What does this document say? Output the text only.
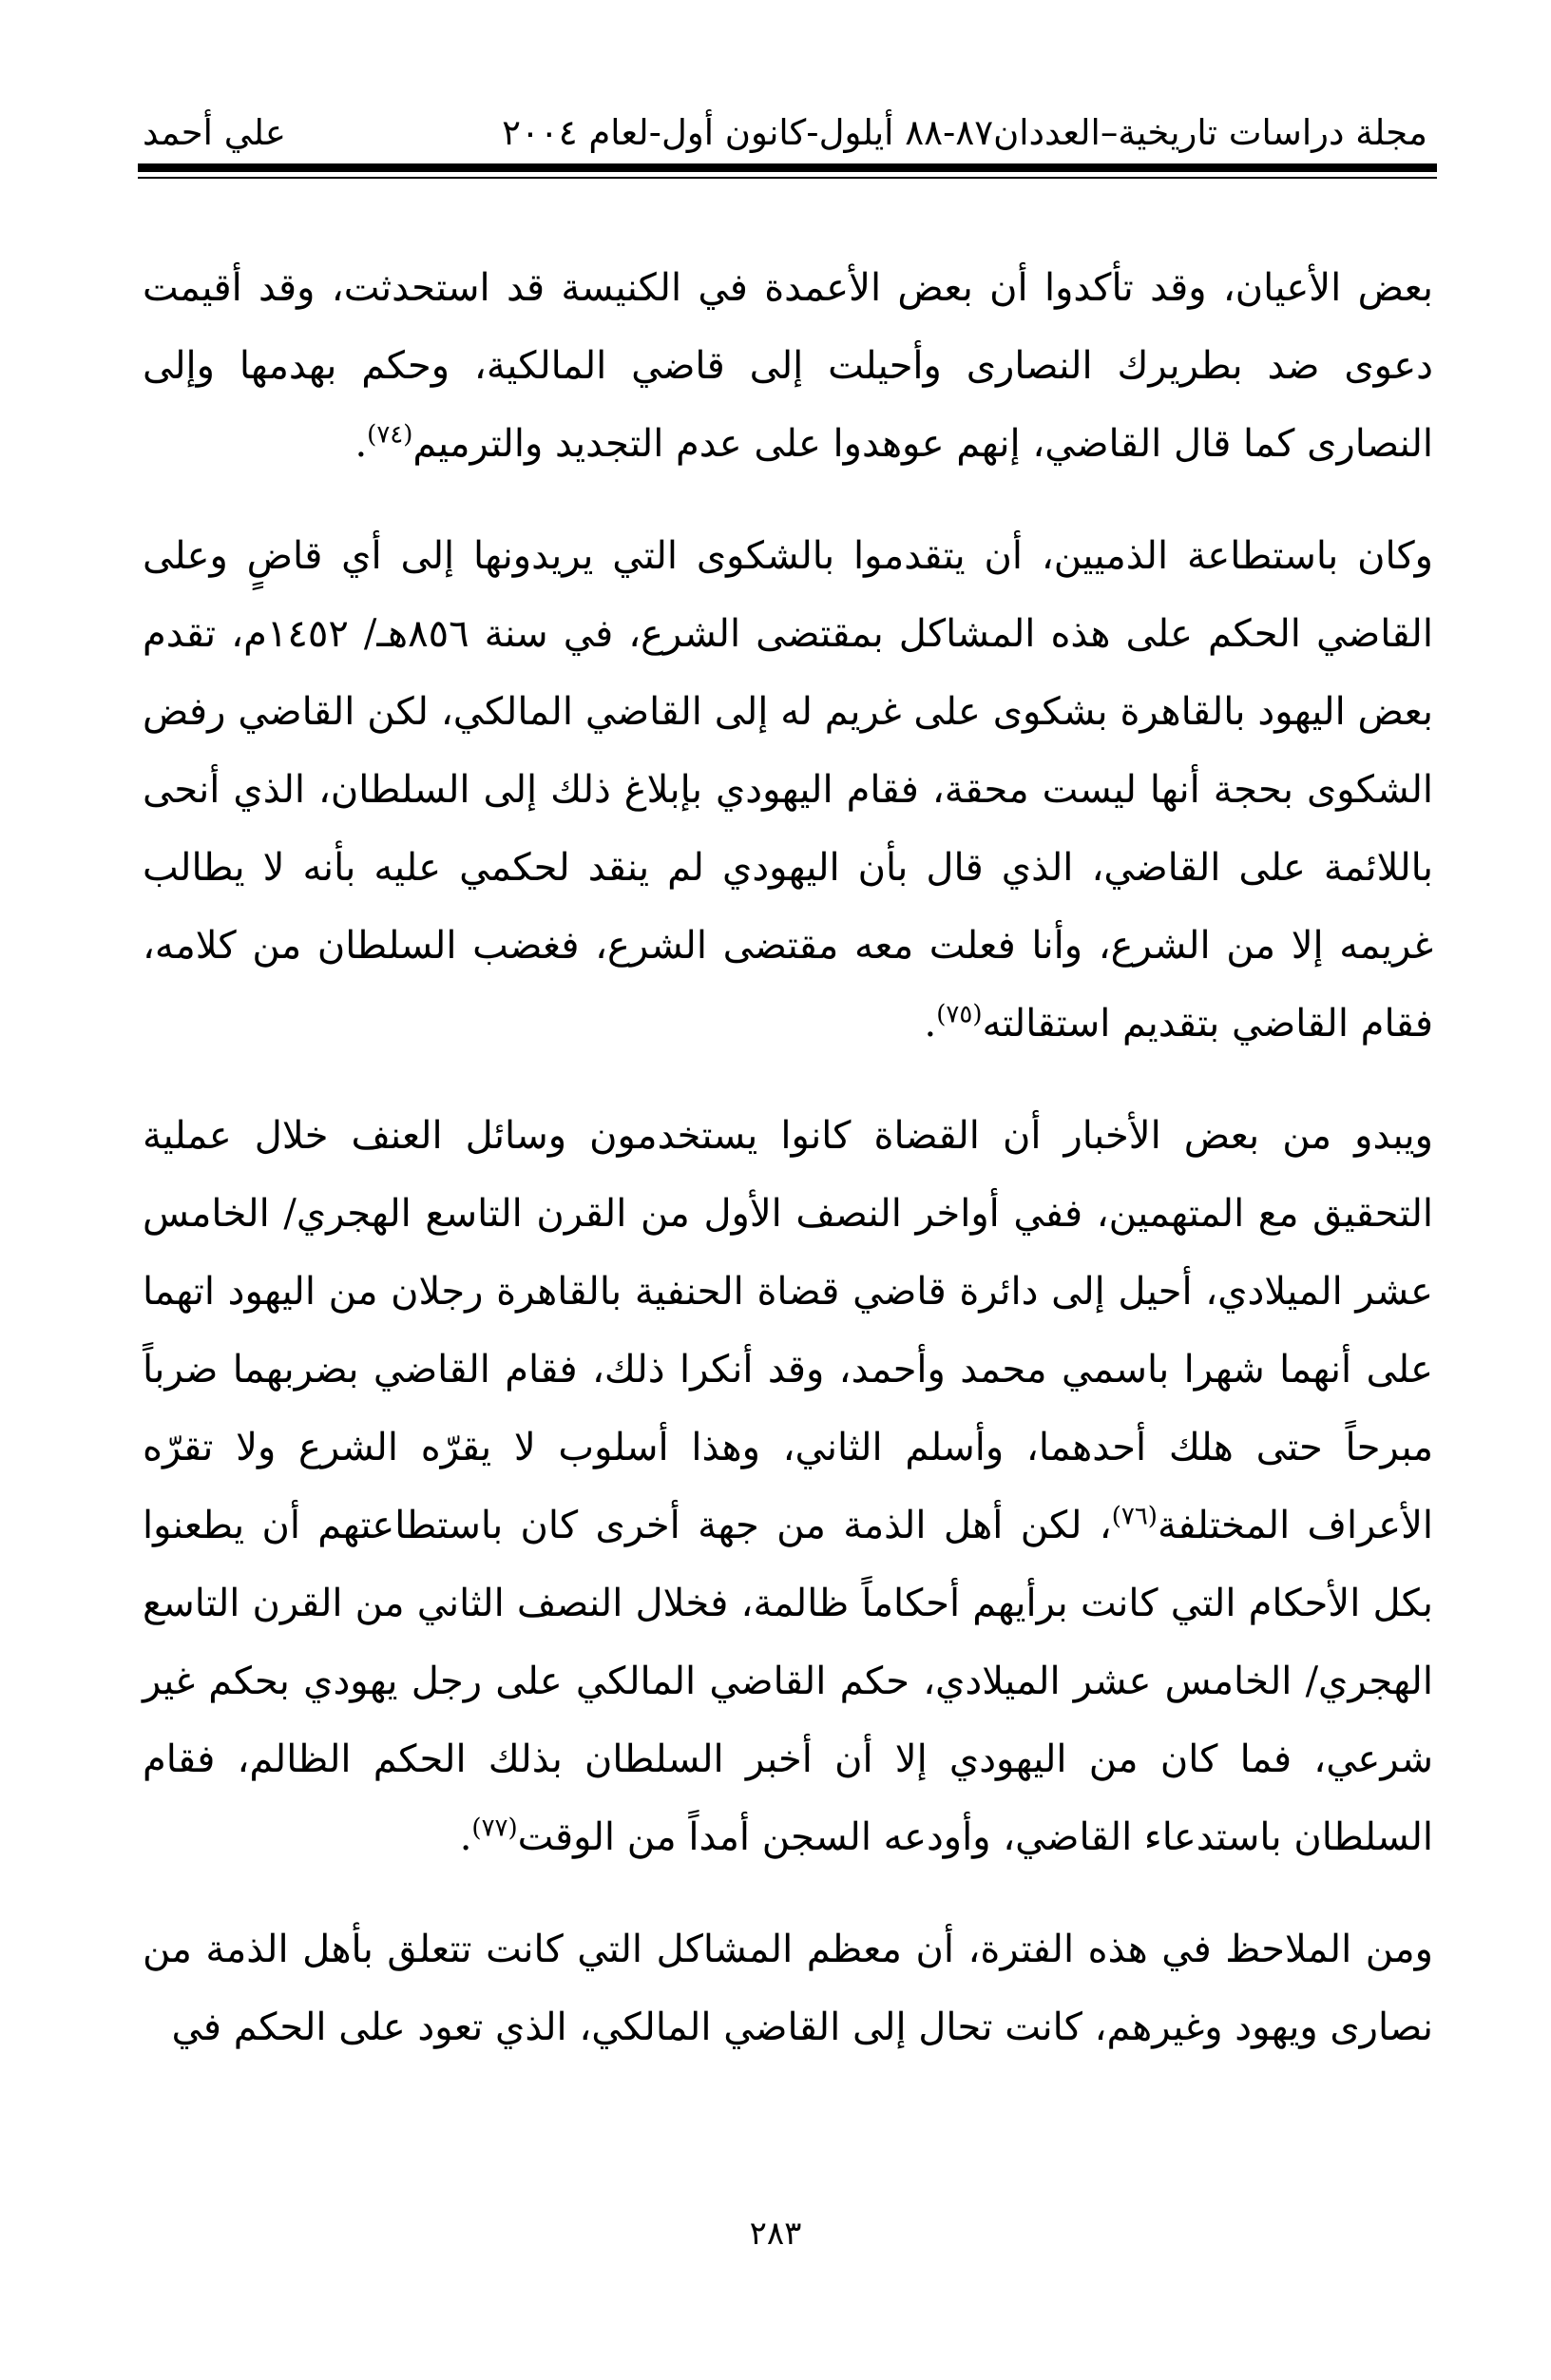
مجلة دراسات تاريخية–العددان٨٧-٨٨ أيلول-كانون أول-لعام ٢٠٠٤
علي أحمد

بعض الأعيان، وقد تأكدوا أن بعض الأعمدة في الكنيسة قد استحدثت، وقد أقيمت دعوى ضد بطريرك النصارى وأحيلت إلى قاضي المالكية، وحكم بهدمها وإلى النصارى كما قال القاضي، إنهم عوهدوا على عدم التجديد والترميم$^{(٧٤)}$.

وكان باستطاعة الذميين، أن يتقدموا بالشكوى التي يريدونها إلى أي قاضٍ وعلى القاضي الحكم على هذه المشاكل بمقتضى الشرع، في سنة ٨٥٦هـ/ ١٤٥٢م، تقدم بعض اليهود بالقاهرة بشكوى على غريم له إلى القاضي المالكي، لكن القاضي رفض الشكوى بحجة أنها ليست محقة، فقام اليهودي بإبلاغ ذلك إلى السلطان، الذي أنحى باللائمة على القاضي، الذي قال بأن اليهودي لم ينقد لحكمي عليه بأنه لا يطالب غريمه إلا من الشرع، وأنا فعلت معه مقتضى الشرع، فغضب السلطان من كلامه، فقام القاضي بتقديم استقالته$^{(٧٥)}$.

ويبدو من بعض الأخبار أن القضاة كانوا يستخدمون وسائل العنف خلال عملية التحقيق مع المتهمين، ففي أواخر النصف الأول من القرن التاسع الهجري/ الخامس عشر الميلادي، أحيل إلى دائرة قاضي قضاة الحنفية بالقاهرة رجلان من اليهود اتهما على أنهما شهرا باسمي محمد وأحمد، وقد أنكرا ذلك، فقام القاضي بضربهما ضرباً مبرحاً حتى هلك أحدهما، وأسلم الثاني، وهذا أسلوب لا يقرّه الشرع ولا تقرّه الأعراف المختلفة$^{(٧٦)}$، لكن أهل الذمة من جهة أخرى كان باستطاعتهم أن يطعنوا بكل الأحكام التي كانت برأيهم أحكاماً ظالمة، فخلال النصف الثاني من القرن التاسع الهجري/ الخامس عشر الميلادي، حكم القاضي المالكي على رجل يهودي بحكم غير شرعي، فما كان من اليهودي إلا أن أخبر السلطان بذلك الحكم الظالم، فقام السلطان باستدعاء القاضي، وأودعه السجن أمداً من الوقت$^{(٧٧)}$.

ومن الملاحظ في هذه الفترة، أن معظم المشاكل التي كانت تتعلق بأهل الذمة من نصارى ويهود وغيرهم، كانت تحال إلى القاضي المالكي، الذي تعود على الحكم في

٢٨٣
